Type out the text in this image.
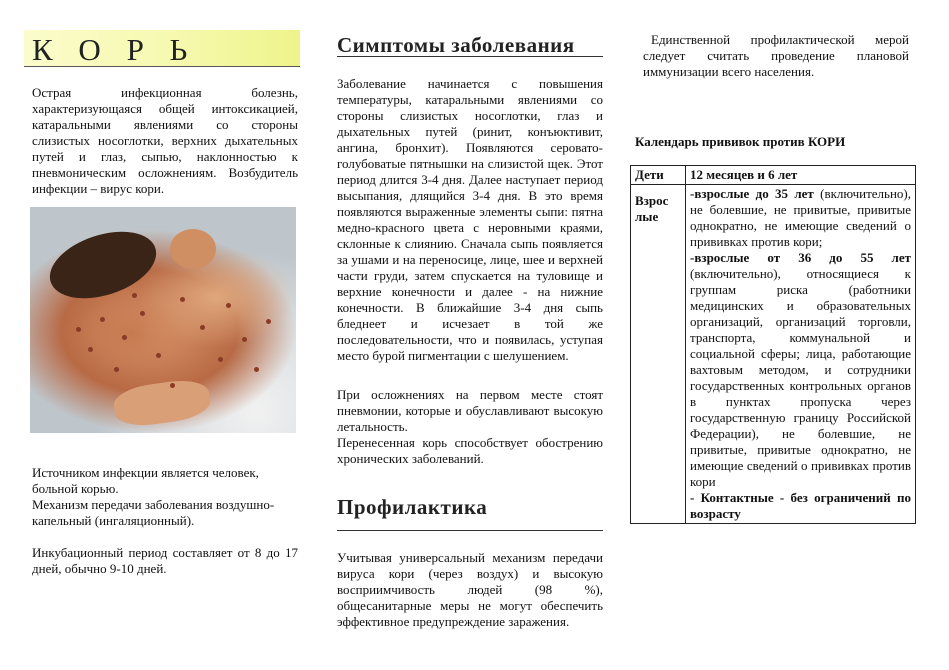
К О Р Ь

Острая инфекционная болезнь, характеризующаяся общей интоксикацией, катаральными явлениями со стороны слизистых носоглотки, верхних дыхательных путей и глаз, сыпью, наклонностью к пневмоническим осложнениям. Возбудитель инфекции – вирус кори.

Источником инфекции является человек, больной корью.

Механизм передачи заболевания воздушно-капельный (ингаляционный).

Инкубационный период составляет от 8 до 17 дней, обычно 9-10 дней.

Симптомы заболевания

Заболевание начинается с повышения температуры, катаральными явлениями со стороны слизистых носоглотки, глаз и дыхательных путей (ринит, конъюктивит, ангина, бронхит). Появляются серовато-голубоватые пятнышки на слизистой щек. Этот период длится 3-4 дня. Далее наступает период высыпания, длящийся 3-4 дня. В это время появляются выраженные элементы сыпи: пятна медно-красного цвета с неровными краями, склонные к слиянию. Сначала сыпь появляется за ушами и на переносице, лице, шее и верхней части груди, затем спускается на туловище и верхние конечности и далее - на нижние конечности. В ближайшие 3-4 дня сыпь бледнеет и исчезает в той же последовательности, что и появилась, уступая место бурой пигментации с шелушением.

При осложнениях на первом месте стоят пневмонии, которые и обуславливают высокую летальность.

Перенесенная корь способствует обострению хронических заболеваний.

Профилактика

Учитывая универсальный механизм передачи вируса кори (через воздух) и высокую восприимчивость людей (98 %), общесанитарные меры не могут обеспечить эффективное предупреждение заражения.

Единственной профилактической мерой следует считать проведение плановой иммунизации всего населения.

Календарь прививок против КОРИ
Дети	12 месяцев и 6 лет
Взрос лые	-взрослые до 35 лет (включительно), не болевшие, не привитые, привитые однократно, не имеющие сведений о прививках против кори;
-взрослые от 36 до 55 лет (включительно), относящиеся к группам риска (работники медицинских и образовательных организаций, организаций торговли, транспорта, коммунальной и социальной сферы; лица, работающие вахтовым методом, и сотрудники государственных контрольных органов в пунктах пропуска через государственную границу Российской Федерации), не болевшие, не привитые, привитые однократно, не имеющие сведений о прививках против кори
- Контактные - без ограничений по возрасту
